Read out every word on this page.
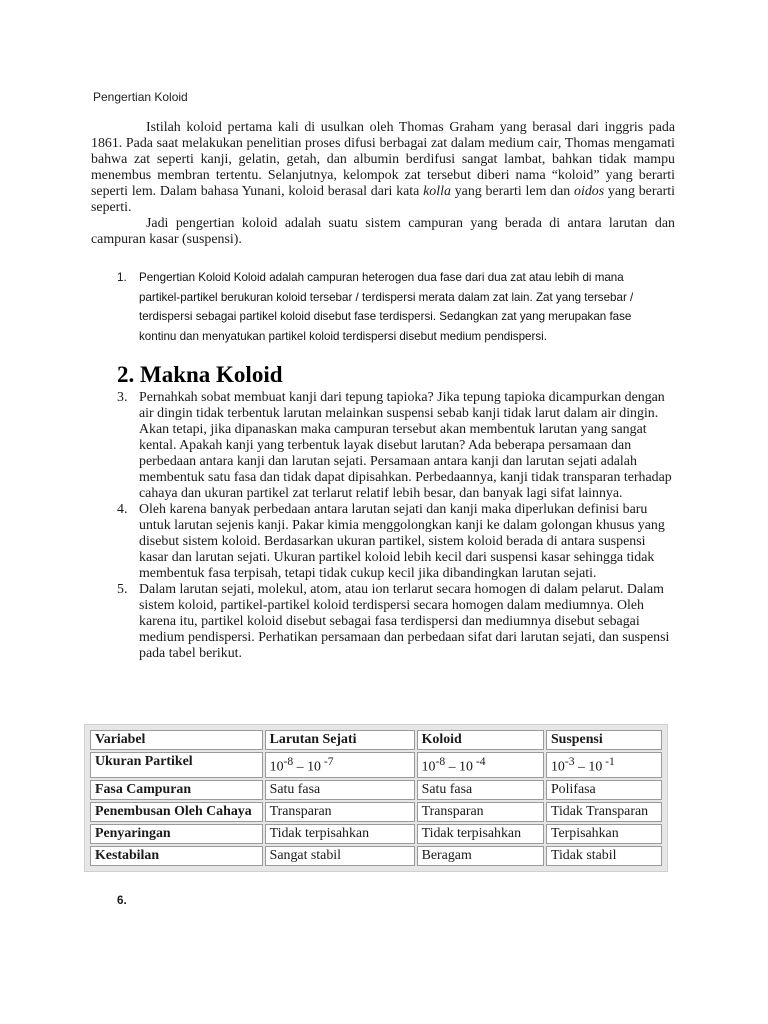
Pengertian Koloid

Istilah koloid pertama kali di usulkan oleh Thomas Graham yang berasal dari inggris pada 1861. Pada saat melakukan penelitian proses difusi berbagai zat dalam medium cair, Thomas mengamati bahwa zat seperti kanji, gelatin, getah, dan albumin berdifusi sangat lambat, bahkan tidak mampu menembus membran tertentu. Selanjutnya, kelompok zat tersebut diberi nama “koloid” yang berarti seperti lem. Dalam bahasa Yunani, koloid berasal dari kata kolla yang berarti lem dan oidos yang berarti seperti.

Jadi pengertian koloid adalah suatu sistem campuran yang berada di antara larutan dan campuran kasar (suspensi).

1. Pengertian Koloid Koloid adalah campuran heterogen dua fase dari dua zat atau lebih di mana partikel-partikel berukuran koloid tersebar / terdispersi merata dalam zat lain. Zat yang tersebar / terdispersi sebagai partikel koloid disebut fase terdispersi. Sedangkan zat yang merupakan fase kontinu dan menyatukan partikel koloid terdispersi disebut medium pendispersi.
2. Makna Koloid
3. Pernahkah sobat membuat kanji dari tepung tapioka? Jika tepung tapioka dicampurkan dengan air dingin tidak terbentuk larutan melainkan suspensi sebab kanji tidak larut dalam air dingin. Akan tetapi, jika dipanaskan maka campuran tersebut akan membentuk larutan yang sangat kental. Apakah kanji yang terbentuk layak disebut larutan? Ada beberapa persamaan dan perbedaan antara kanji dan larutan sejati. Persamaan antara kanji dan larutan sejati adalah membentuk satu fasa dan tidak dapat dipisahkan. Perbedaannya, kanji tidak transparan terhadap cahaya dan ukuran partikel zat terlarut relatif lebih besar, dan banyak lagi sifat lainnya.
4. Oleh karena banyak perbedaan antara larutan sejati dan kanji maka diperlukan definisi baru untuk larutan sejenis kanji. Pakar kimia menggolongkan kanji ke dalam golongan khusus yang disebut sistem koloid. Berdasarkan ukuran partikel, sistem koloid berada di antara suspensi kasar dan larutan sejati. Ukuran partikel koloid lebih kecil dari suspensi kasar sehingga tidak membentuk fasa terpisah, tetapi tidak cukup kecil jika dibandingkan larutan sejati.
5. Dalam larutan sejati, molekul, atom, atau ion terlarut secara homogen di dalam pelarut. Dalam sistem koloid, partikel-partikel koloid terdispersi secara homogen dalam mediumnya. Oleh karena itu, partikel koloid disebut sebagai fasa terdispersi dan mediumnya disebut sebagai medium pendispersi. Perhatikan persamaan dan perbedaan sifat dari larutan sejati, dan suspensi pada tabel berikut.
Variabel	Larutan Sejati	Koloid	Suspensi
Ukuran Partikel	$10^{-8} - 10$ $^{-7}$	$10^{-8} - 10$ $^{-4}$	$10^{-3} - 10$ $^{-1}$
Fasa Campuran	Satu fasa	Satu fasa	Polifasa
Penembusan Oleh Cahaya	Transparan	Transparan	Tidak Transparan
Penyaringan	Tidak terpisahkan	Tidak terpisahkan	Terpisahkan
Kestabilan	Sangat stabil	Beragam	Tidak stabil
6.
